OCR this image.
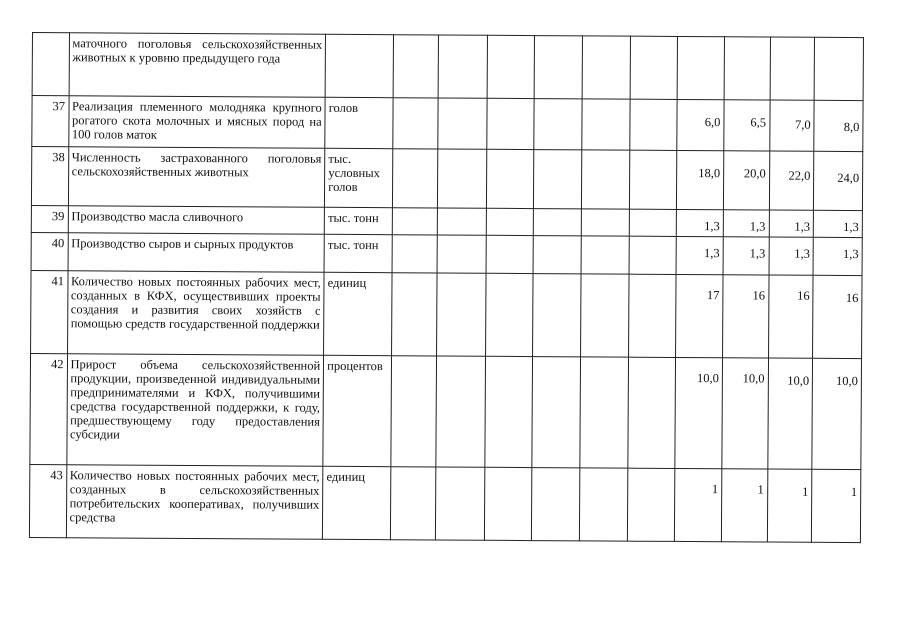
	маточного поголовья сельскохозяйственных животных к уровню предыдущего года								

37	Реализация племенного молодняка крупного рогатого скота молочных и мясных пород на 100 голов маток	голов							6,0	6,5	7,0	8,0

38	Численность застрахованного поголовья сельскохозяйственных животных	тыс. условных голов							18,0	20,0	22,0	24,0

39	Производство масла сливочного	тыс. тонн							1,3	1,3	1,3	1,3

40	Производство сыров и сырных продуктов	тыс. тонн							1,3	1,3	1,3	1,3

41	Количество новых постоянных рабочих мест, созданных в КФХ, осуществивших проекты создания и развития своих хозяйств с помощью средств государственной поддержки	единиц							17	16	16	16

42	Прирост объема сельскохозяйственной продукции, произведенной индивидуальными предпринимателями и КФХ, получившими средства государственной поддержки, к году, предшествующему году предоставления субсидии	процентов							10,0	10,0	10,0	10,0

43	Количество новых постоянных рабочих мест, созданных в сельскохозяйственных потребительских кооперативах, получивших средства	единиц							1	1	1	1
